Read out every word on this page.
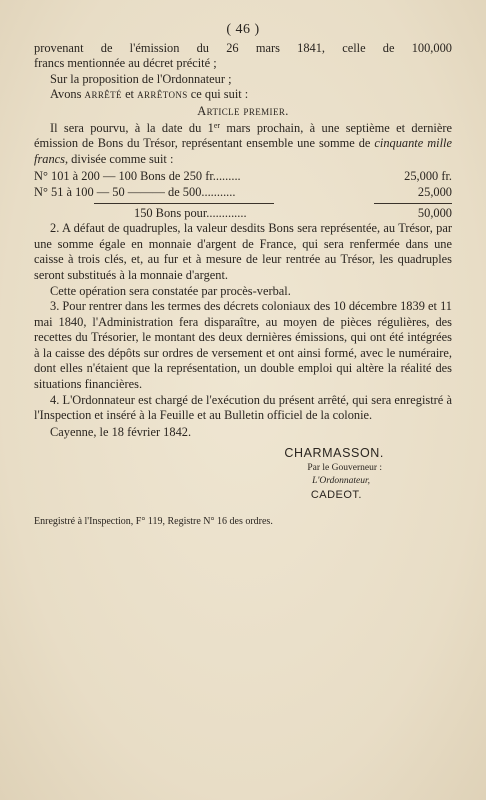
( 46 )

provenant de l'émission du 26 mars 1841, celle de 100,000

francs mentionnée au décret précité ;

Sur la proposition de l'Ordonnateur ;

Avons arrêté et arrêtons ce qui suit :

Article premier.

Il sera pourvu, à la date du 1er mars prochain, à une septième et dernière émission de Bons du Trésor, représentant ensemble une somme de cinquante mille francs, divisée comme suit :

N° 101 à 200 — 100 Bons de 250 fr.........	25,000 fr.
N° 51 à 100 — 50 ——— de 500...........	25,000
150 Bons pour.............	50,000

2. A défaut de quadruples, la valeur desdits Bons sera représentée, au Trésor, par une somme égale en monnaie d'argent de France, qui sera renfermée dans une caisse à trois clés, et, au fur et à mesure de leur rentrée au Trésor, les quadruples seront substitués à la monnaie d'argent.

Cette opération sera constatée par procès-verbal.

3. Pour rentrer dans les termes des décrets coloniaux des 10 décembre 1839 et 11 mai 1840, l'Administration fera disparaître, au moyen de pièces régulières, des recettes du Trésorier, le montant des deux dernières émissions, qui ont été intégrées à la caisse des dépôts sur ordres de versement et ont ainsi formé, avec le numéraire, dont elles n'étaient que la représentation, un double emploi qui altère la réalité des situations financières.

4. L'Ordonnateur est chargé de l'exécution du présent arrêté, qui sera enregistré à l'Inspection et inséré à la Feuille et au Bulletin officiel de la colonie.

Cayenne, le 18 février 1842.

CHARMASSON.
Par le Gouverneur :
L'Ordonnateur,
CADEOT.

Enregistré à l'Inspection, F° 119, Registre N° 16 des ordres.
